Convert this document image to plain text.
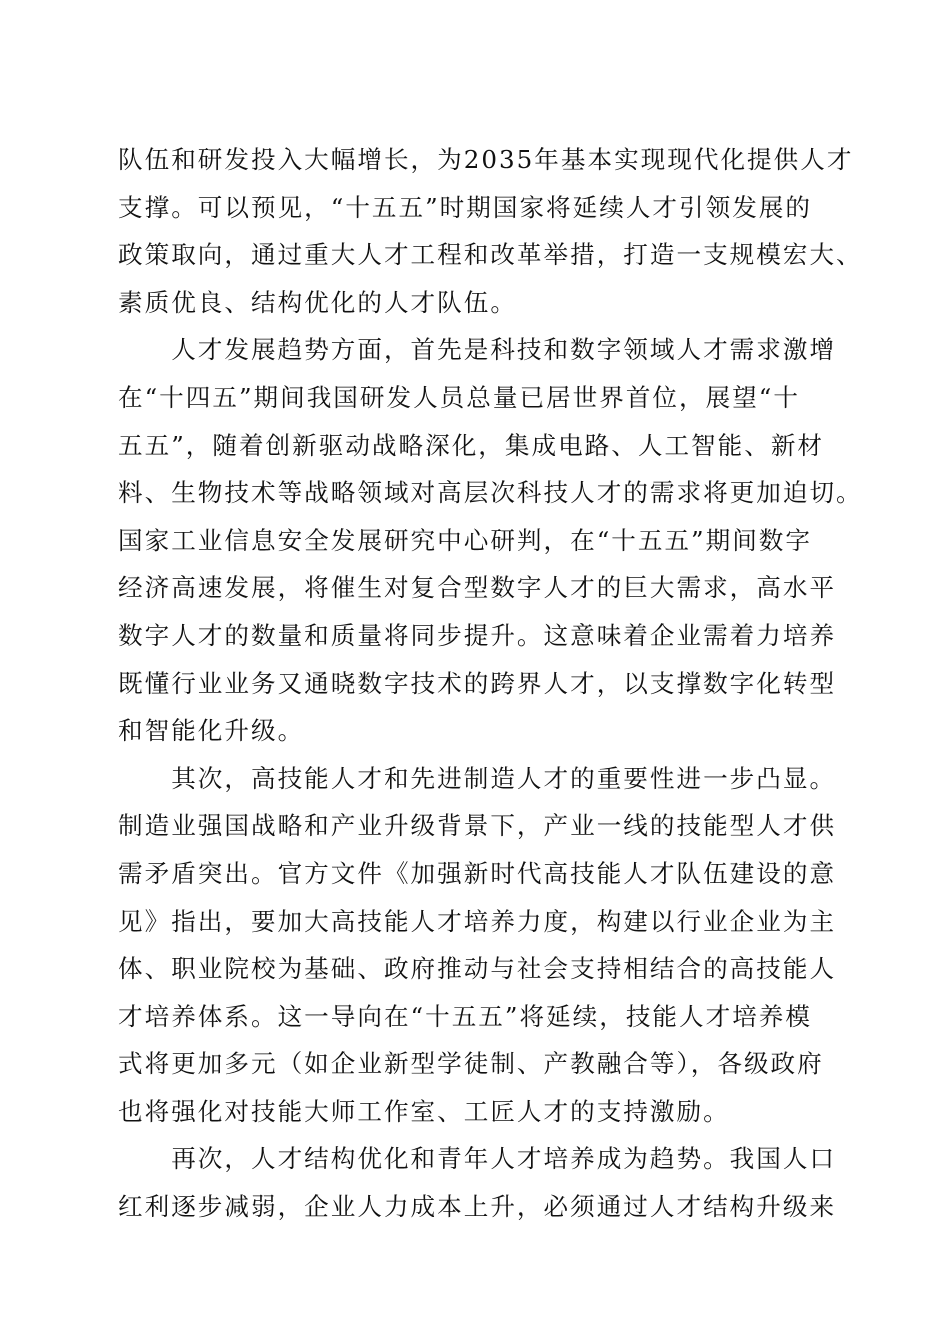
队伍和研发投入大幅增长，为2035年基本实现现代化提供人才
支撑。可以预见，“十五五”时期国家将延续人才引领发展的
政策取向，通过重大人才工程和改革举措，打造一支规模宏大、
素质优良、结构优化的人才队伍。
　　人才发展趋势方面，首先是科技和数字领域人才需求激增
在“十四五”期间我国研发人员总量已居世界首位，展望“十
五五”，随着创新驱动战略深化，集成电路、人工智能、新材
料、生物技术等战略领域对高层次科技人才的需求将更加迫切。
国家工业信息安全发展研究中心研判，在“十五五”期间数字
经济高速发展，将催生对复合型数字人才的巨大需求，高水平
数字人才的数量和质量将同步提升。这意味着企业需着力培养
既懂行业业务又通晓数字技术的跨界人才，以支撑数字化转型
和智能化升级。
　　其次，高技能人才和先进制造人才的重要性进一步凸显。
制造业强国战略和产业升级背景下，产业一线的技能型人才供
需矛盾突出。官方文件《加强新时代高技能人才队伍建设的意
见》指出，要加大高技能人才培养力度，构建以行业企业为主
体、职业院校为基础、政府推动与社会支持相结合的高技能人
才培养体系。这一导向在“十五五”将延续，技能人才培养模
式将更加多元（如企业新型学徒制、产教融合等），各级政府
也将强化对技能大师工作室、工匠人才的支持激励。
　　再次，人才结构优化和青年人才培养成为趋势。我国人口
红利逐步减弱，企业人力成本上升，必须通过人才结构升级来
